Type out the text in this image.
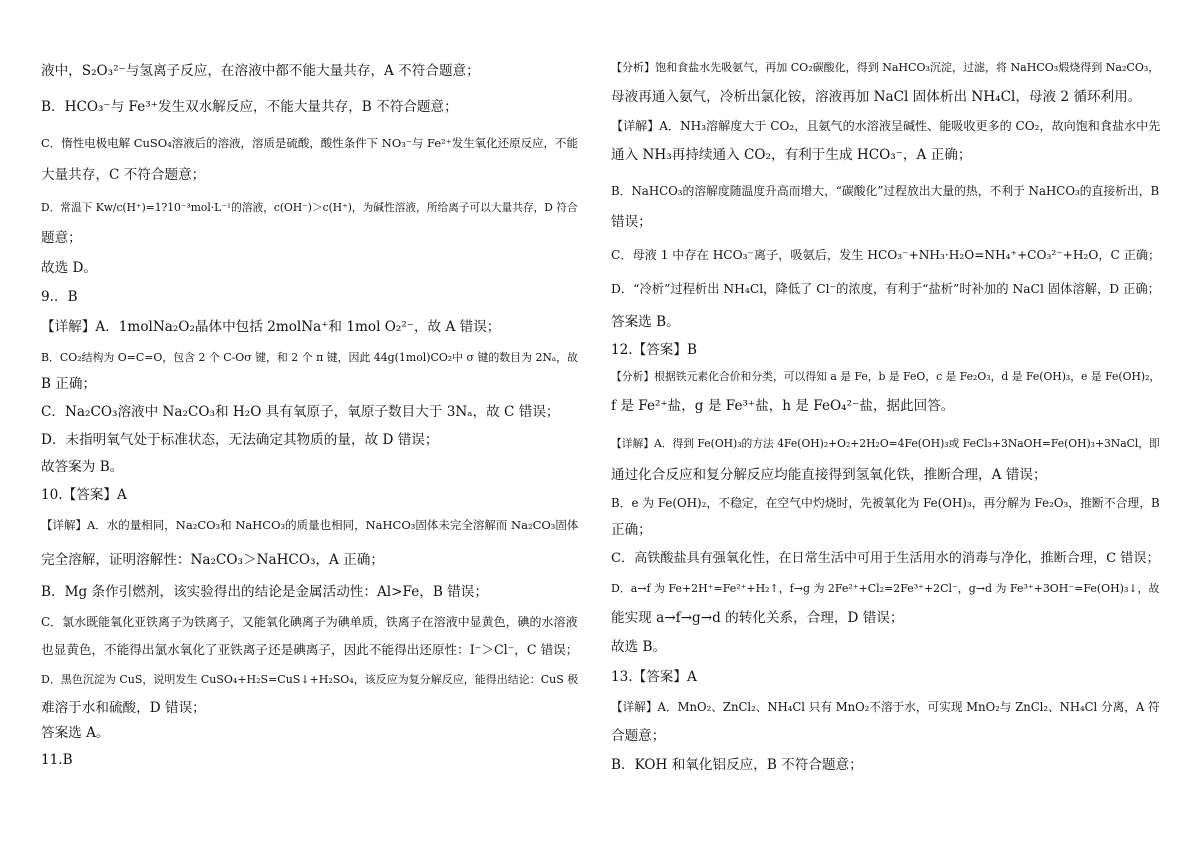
液中，S₂O₃²⁻与氢离子反应，在溶液中都不能大量共存，A 不符合题意；
B．HCO₃⁻与 Fe³⁺发生双水解反应，不能大量共存，B 不符合题意；
C．惰性电极电解 CuSO₄溶液后的溶液，溶质是硫酸，酸性条件下 NO₃⁻与 Fe²⁺发生氧化还原反应，不能
大量共存，C 不符合题意；
D．常温下 Kw/c(H⁺)=1?10⁻³mol·L⁻¹的溶液，c(OH⁻)＞c(H⁺)，为碱性溶液，所给离子可以大量共存，D 符合
题意；
故选 D。
9.．B
【详解】A．1molNa₂O₂晶体中包括 2molNa⁺和 1mol O₂²⁻，故 A 错误；
B．CO₂结构为 O=C=O，包含 2 个 C-Oσ 键，和 2 个 π 键，因此 44g(1mol)CO₂中 σ 键的数目为 2Nₐ，故
B 正确；
C．Na₂CO₃溶液中 Na₂CO₃和 H₂O 具有氧原子，氧原子数目大于 3Nₐ，故 C 错误；
D．未指明氧气处于标准状态，无法确定其物质的量，故 D 错误；
故答案为 B。
10.【答案】A
【详解】A．水的量相同，Na₂CO₃和 NaHCO₃的质量也相同，NaHCO₃固体未完全溶解而 Na₂CO₃固体
完全溶解，证明溶解性：Na₂CO₃＞NaHCO₃，A 正确；
B．Mg 条作引燃剂，该实验得出的结论是金属活动性：Al>Fe，B 错误；
C．氯水既能氧化亚铁离子为铁离子，又能氧化碘离子为碘单质，铁离子在溶液中显黄色，碘的水溶液
也显黄色，不能得出氯水氧化了亚铁离子还是碘离子，因此不能得出还原性：I⁻＞Cl⁻，C 错误；
D．黑色沉淀为 CuS，说明发生 CuSO₄+H₂S=CuS↓+H₂SO₄，该反应为复分解反应，能得出结论：CuS 极
难溶于水和硫酸，D 错误；
答案选 A。
11.B
【分析】饱和食盐水先吸氨气，再加 CO₂碳酸化，得到 NaHCO₃沉淀，过滤，将 NaHCO₃煅烧得到 Na₂CO₃，
母液再通入氨气，冷析出氯化铵，溶液再加 NaCl 固体析出 NH₄Cl，母液 2 循环利用。
【详解】A．NH₃溶解度大于 CO₂，且氨气的水溶液呈碱性、能吸收更多的 CO₂，故向饱和食盐水中先
通入 NH₃再持续通入 CO₂，有利于生成 HCO₃⁻，A 正确；
B．NaHCO₃的溶解度随温度升高而增大，“碳酸化”过程放出大量的热，不利于 NaHCO₃的直接析出，B
错误；
C．母液 1 中存在 HCO₃⁻离子，吸氨后，发生 HCO₃⁻+NH₃·H₂O=NH₄⁺+CO₃²⁻+H₂O，C 正确；
D．“冷析”过程析出 NH₄Cl，降低了 Cl⁻的浓度，有利于“盐析”时补加的 NaCl 固体溶解，D 正确；
答案选 B。
12.【答案】B
【分析】根据铁元素化合价和分类，可以得知 a 是 Fe，b 是 FeO，c 是 Fe₂O₃，d 是 Fe(OH)₃，e 是 Fe(OH)₂，
f 是 Fe²⁺盐，g 是 Fe³⁺盐，h 是 FeO₄²⁻盐，据此回答。
【详解】A．得到 Fe(OH)₃的方法 4Fe(OH)₂+O₂+2H₂O=4Fe(OH)₃或 FeCl₃+3NaOH=Fe(OH)₃+3NaCl，即
通过化合反应和复分解反应均能直接得到氢氧化铁，推断合理，A 错误；
B．e 为 Fe(OH)₂，不稳定，在空气中灼烧时，先被氧化为 Fe(OH)₃，再分解为 Fe₂O₃，推断不合理，B
正确；
C．高铁酸盐具有强氧化性，在日常生活中可用于生活用水的消毒与净化，推断合理，C 错误；
D．a→f 为 Fe+2H⁺=Fe²⁺+H₂↑，f→g 为 2Fe²⁺+Cl₂=2Fe³⁺+2Cl⁻，g→d 为 Fe³⁺+3OH⁻=Fe(OH)₃↓，故
能实现 a→f→g→d 的转化关系，合理，D 错误；
故选 B。
13.【答案】A
【详解】A．MnO₂、ZnCl₂、NH₄Cl 只有 MnO₂不溶于水，可实现 MnO₂与 ZnCl₂、NH₄Cl 分离，A 符
合题意；
B．KOH 和氧化铝反应，B 不符合题意；
